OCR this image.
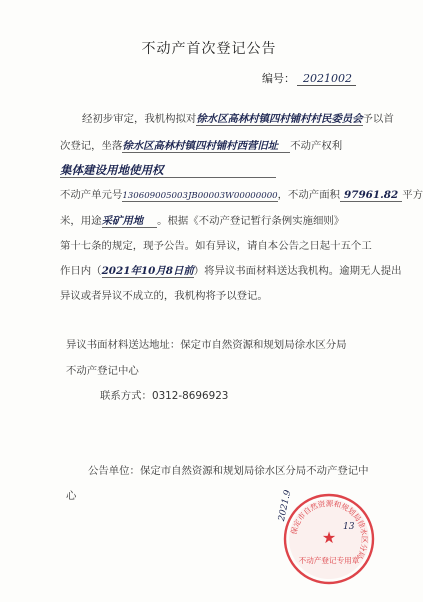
不动产首次登记公告
编号： 2021002
经初步审定，我机构拟对徐水区高林村镇四村铺村村民委员会予以首
次登记，坐落徐水区高林村镇四村铺村西营旧址 不动产权利
集体建设用地使用权
不动产单元号130609005003JB00003W00000000，不动产面积 97961.82 平方
米，用途采矿用地 。根据《不动产登记暂行条例实施细则》
第十七条的规定，现予公告。如有异议，请自本公告之日起十五个工
作日内（2021年10月8日前）将异议书面材料送达我机构。逾期无人提出
异议或者异议不成立的，我机构将予以登记。
异议书面材料送达地址：保定市自然资源和规划局徐水区分局
不动产登记中心
联系方式：0312-8696923
公告单位：保定市自然资源和规划局徐水区分局不动产登记中
心
保定市自然资源和规划局徐水区分局
★
不动产登记专用章
2021.9
13
